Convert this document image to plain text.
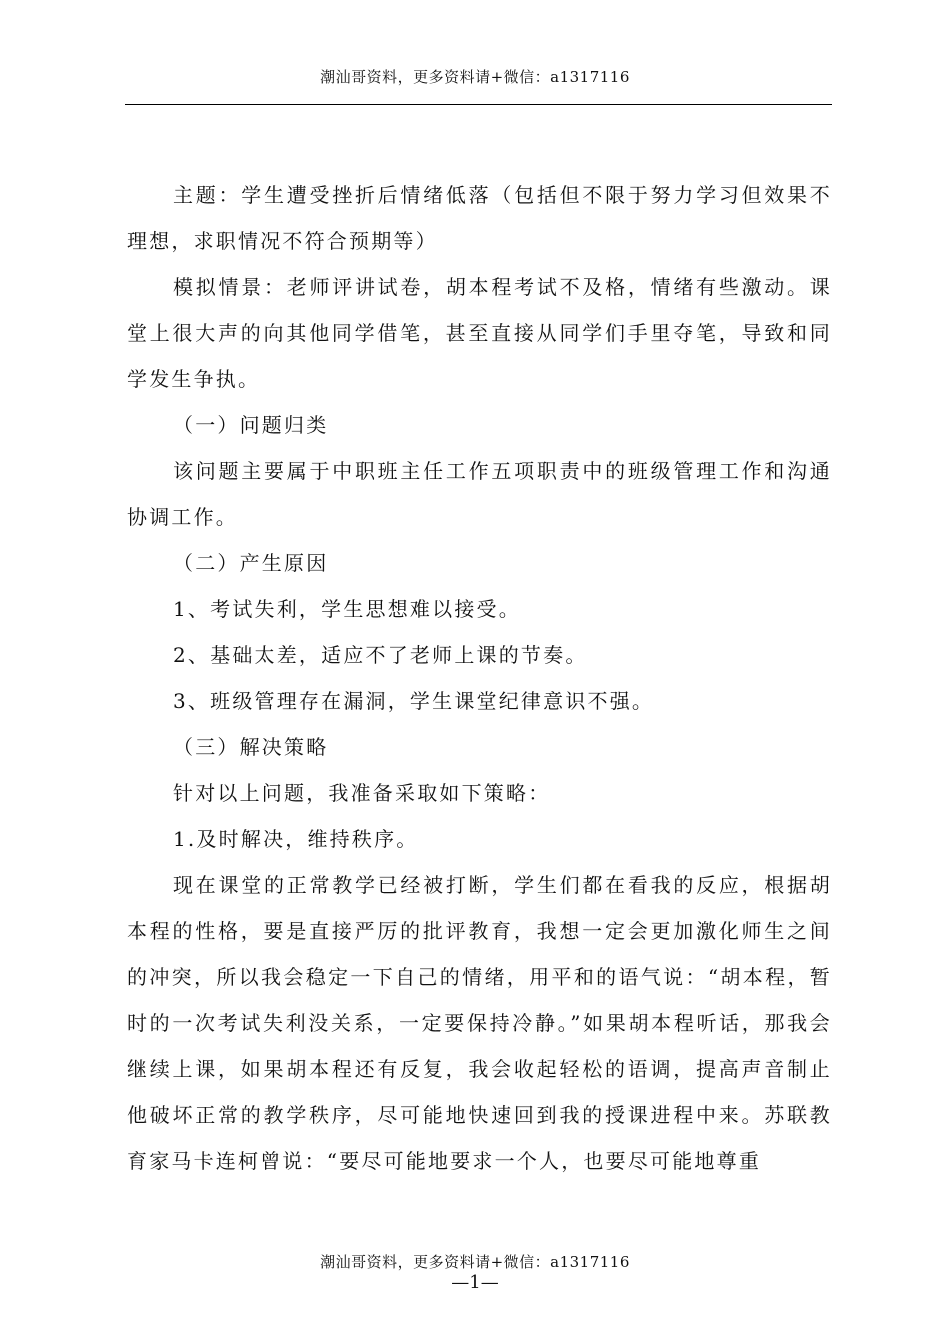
潮汕哥资料，更多资料请+微信：a1317116

主题：学生遭受挫折后情绪低落（包括但不限于努力学习但效果不理想，求职情况不符合预期等）

模拟情景：老师评讲试卷，胡本程考试不及格，情绪有些激动。课堂上很大声的向其他同学借笔，甚至直接从同学们手里夺笔，导致和同学发生争执。

（一）问题归类

该问题主要属于中职班主任工作五项职责中的班级管理工作和沟通协调工作。

（二）产生原因

1、考试失利，学生思想难以接受。

2、基础太差，适应不了老师上课的节奏。

3、班级管理存在漏洞，学生课堂纪律意识不强。

（三）解决策略

针对以上问题，我准备采取如下策略：

1.及时解决，维持秩序。

现在课堂的正常教学已经被打断，学生们都在看我的反应，根据胡本程的性格，要是直接严厉的批评教育，我想一定会更加激化师生之间的冲突，所以我会稳定一下自己的情绪，用平和的语气说：“胡本程，暂时的一次考试失利没关系，一定要保持冷静。”如果胡本程听话，那我会继续上课，如果胡本程还有反复，我会收起轻松的语调，提高声音制止他破坏正常的教学秩序，尽可能地快速回到我的授课进程中来。苏联教育家马卡连柯曾说：“要尽可能地要求一个人，也要尽可能地尊重

潮汕哥资料，更多资料请+微信：a1317116
—1—
